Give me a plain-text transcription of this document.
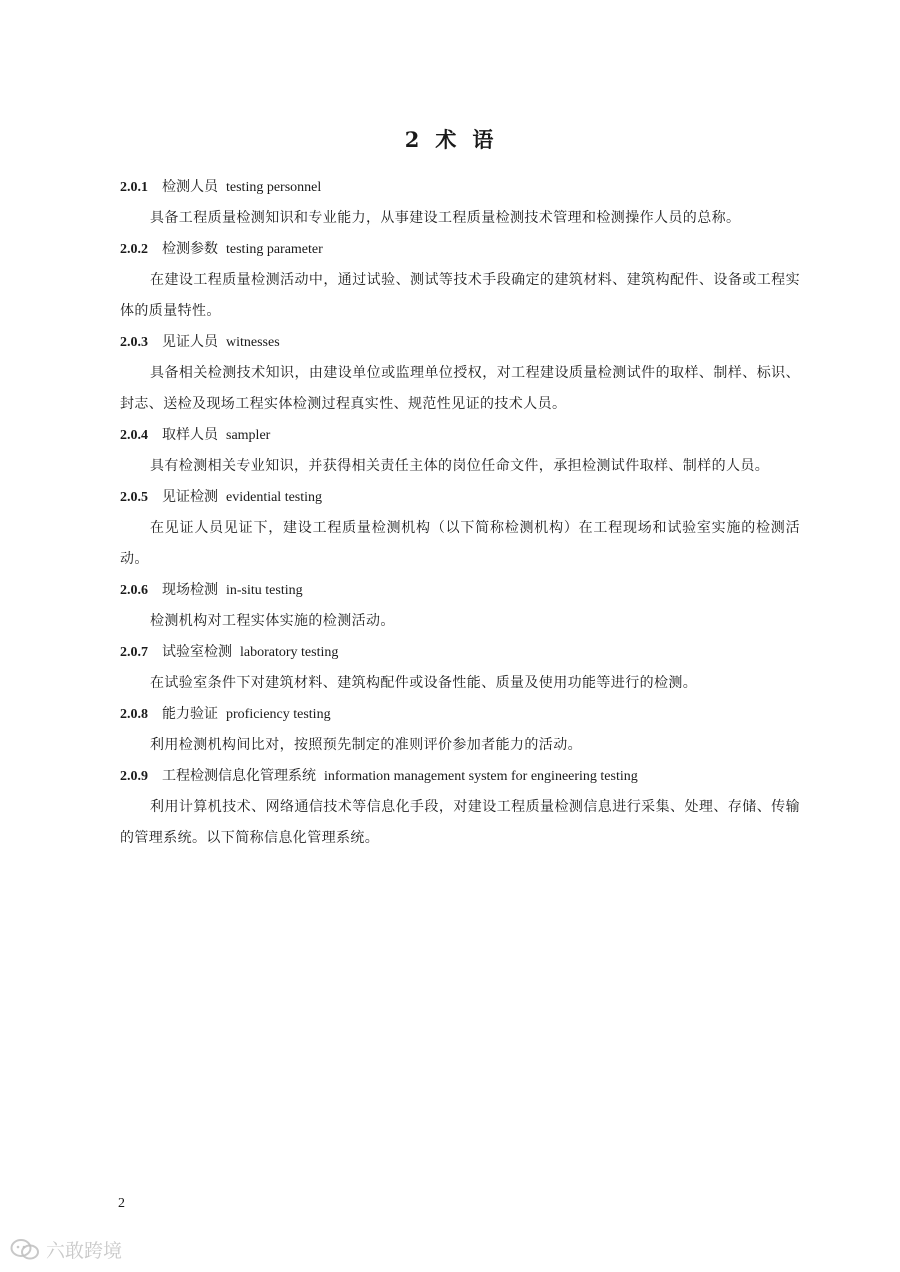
2 术 语
2.0.1 检测人员 testing personnel

具备工程质量检测知识和专业能力，从事建设工程质量检测技术管理和检测操作人员的总称。

2.0.2 检测参数 testing parameter

在建设工程质量检测活动中，通过试验、测试等技术手段确定的建筑材料、建筑构配件、设备或工程实体的质量特性。

2.0.3 见证人员 witnesses

具备相关检测技术知识，由建设单位或监理单位授权，对工程建设质量检测试件的取样、制样、标识、封志、送检及现场工程实体检测过程真实性、规范性见证的技术人员。

2.0.4 取样人员 sampler

具有检测相关专业知识，并获得相关责任主体的岗位任命文件，承担检测试件取样、制样的人员。

2.0.5 见证检测 evidential testing

在见证人员见证下，建设工程质量检测机构（以下简称检测机构）在工程现场和试验室实施的检测活动。

2.0.6 现场检测 in-situ testing

检测机构对工程实体实施的检测活动。

2.0.7 试验室检测 laboratory testing

在试验室条件下对建筑材料、建筑构配件或设备性能、质量及使用功能等进行的检测。

2.0.8 能力验证 proficiency testing

利用检测机构间比对，按照预先制定的准则评价参加者能力的活动。

2.0.9 工程检测信息化管理系统 information management system for engineering testing

利用计算机技术、网络通信技术等信息化手段，对建设工程质量检测信息进行采集、处理、存储、传输的管理系统。以下简称信息化管理系统。

2
六敢跨境
